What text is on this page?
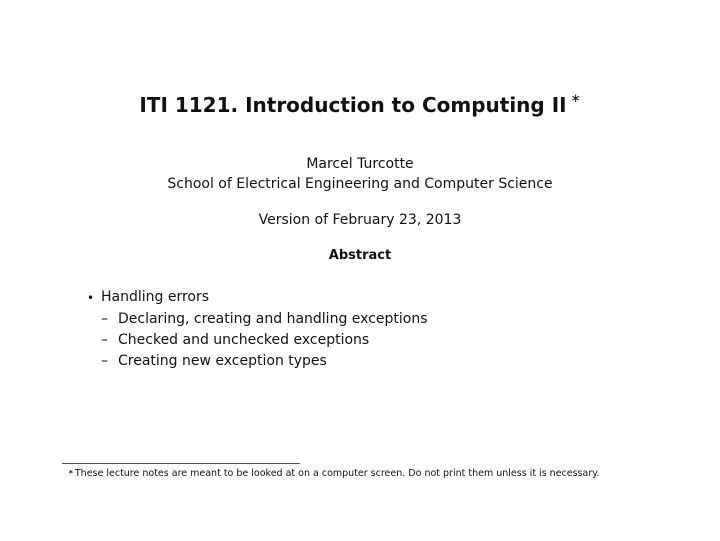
ITI 1121. Introduction to Computing II ∗
Marcel Turcotte
School of Electrical Engineering and Computer Science
Version of February 23, 2013
Abstract
• Handling errors
– Declaring, creating and handling exceptions
– Checked and unchecked exceptions
– Creating new exception types
∗These lecture notes are meant to be looked at on a computer screen. Do not print them unless it is necessary.
